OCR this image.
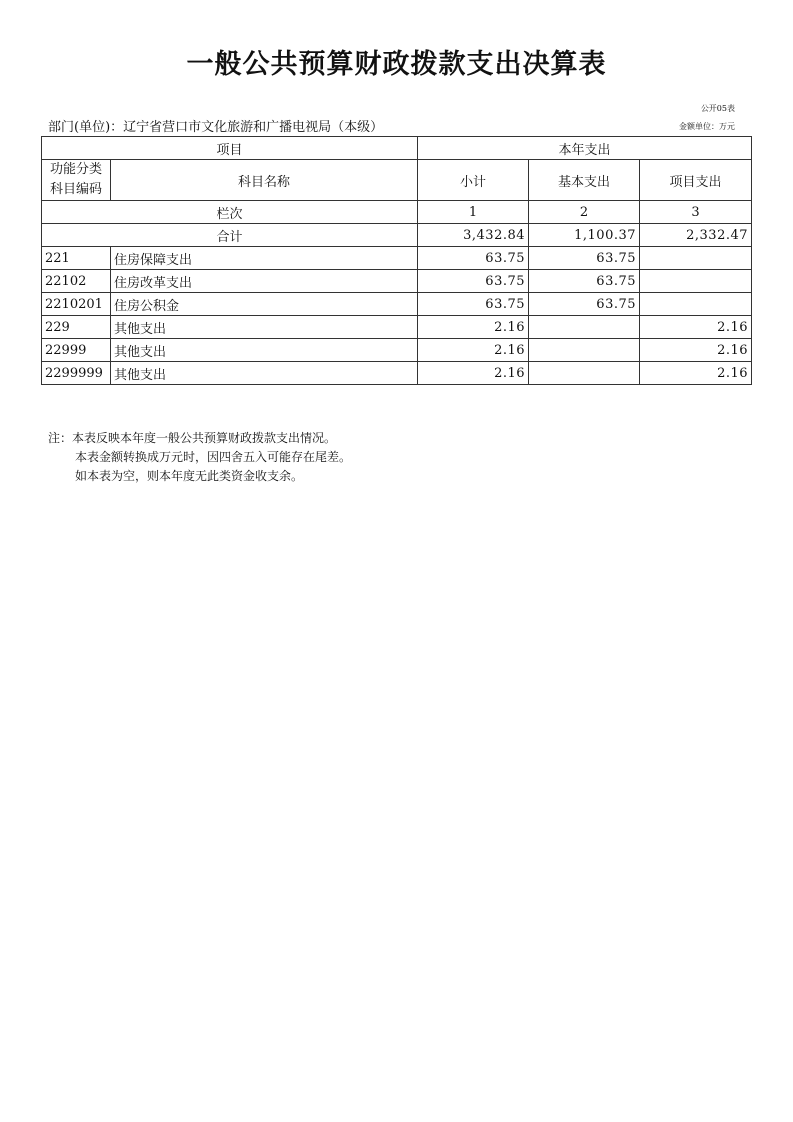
一般公共预算财政拨款支出决算表
公开05表
部门(单位)：辽宁省营口市文化旅游和广播电视局（本级）	金额单位：万元
项目		本年支出		
功能分类科目编码	科目名称	小计	基本支出	项目支出
栏次		1	2	3
合计		3,432.84	1,100.37	2,332.47
221	住房保障支出	63.75	63.75	
22102	住房改革支出	63.75	63.75	
2210201	住房公积金	63.75	63.75	
229	其他支出	2.16		2.16
22999	其他支出	2.16		2.16
2299999	其他支出	2.16		2.16
注：本表反映本年度一般公共预算财政拨款支出情况。
本表金额转换成万元时，因四舍五入可能存在尾差。
如本表为空，则本年度无此类资金收支余。
